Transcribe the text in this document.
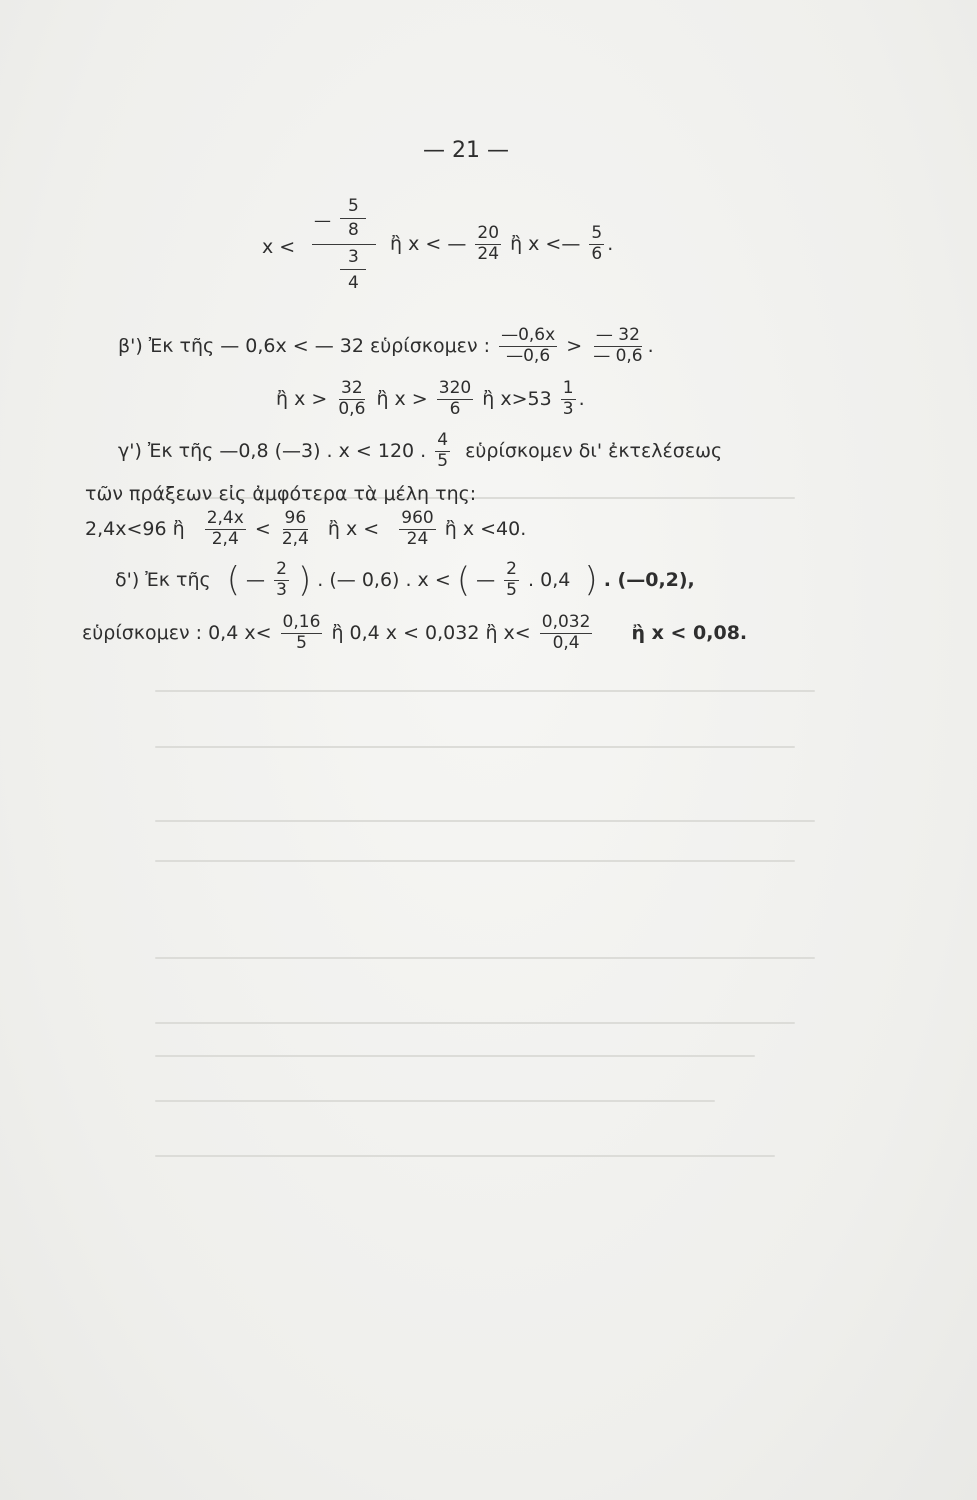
— 21 —
x <
—
5
8
3
4
ἢ x < — $\frac{20}{24}$ ἢ x <— $\frac{5}{6}$ .
β') Ἐκ τῆς — 0,6x < — 32 εὑρίσκομεν : $\frac{—0,6x}{—0,6} > \frac{— 32}{— 0,6}$ .
ἢ $x > \frac{32}{0,6}$ ἢ $x > \frac{320}{6}$ ἢ $x>53 \frac{1}{3}$ .
γ') Ἐκ τῆς —0,8 (—3) . x < 120 . $\frac{4}{5}$ εὑρίσκομεν δι' ἐκτελέσεως
τῶν πράξεων εἰς ἀμφότερα τὰ μέλη της:
2,4x<96 ἢ $\frac{2,4x}{2,4} < \frac{96}{2,4}$ ἢ $x < \frac{960}{24}$ ἢ x <40.
δ') Ἐκ τῆς ( — $\frac{2}{3}$ ) . (— 0,6) . x < ( — $\frac{2}{5}$ . 0,4 ) . (—0,2),
εὑρίσκομεν : 0,4 $x< \frac{0,16}{5}$ ἢ 0,4 x < 0,032 ἢ $x< \frac{0,032}{0,4}$ ἢ x < 0,08.
